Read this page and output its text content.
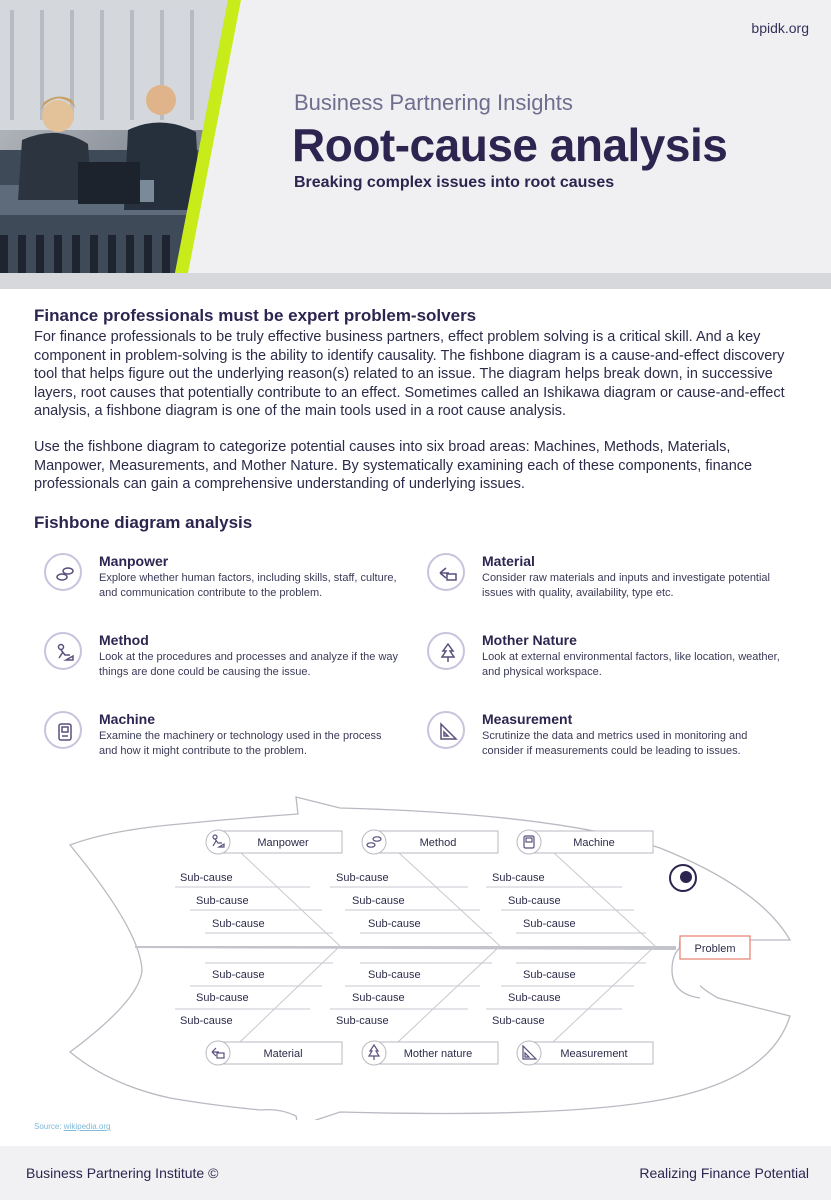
bpidk.org
Business Partnering Insights
Root-cause analysis
Breaking complex issues into root causes
Finance professionals must be expert problem-solvers
For finance professionals to be truly effective business partners, effect problem solving is a critical skill. And a key component in problem-solving is the ability to identify causality. The fishbone diagram is a cause-and-effect discovery tool that helps figure out the underlying reason(s) related to an issue. The diagram helps break down, in successive layers, root causes that potentially contribute to an effect. Sometimes called an Ishikawa diagram or cause-and-effect analysis, a fishbone diagram is one of the main tools used in a root cause analysis.
Use the fishbone diagram to categorize potential causes into six broad areas: Machines, Methods, Materials, Manpower, Measurements, and Mother Nature. By systematically examining each of these components, finance professionals can gain a comprehensive understanding of underlying issues.
Fishbone diagram analysis
Manpower
Explore whether human factors, including skills, staff, culture, and communication contribute to the problem.
Material
Consider raw materials and inputs and investigate potential issues with quality, availability, type etc.
Method
Look at the procedures and processes and analyze if the way things are done could be causing the issue.
Mother Nature
Look at external environmental factors, like location, weather, and physical workspace.
Machine
Examine the machinery or technology used in the process and how it might contribute to the problem.
Measurement
Scrutinize the data and metrics used in monitoring and consider if measurements could be leading to issues.
Sub-cause
Sub-cause
Sub-cause
Sub-cause
Sub-cause
Sub-cause
Sub-cause
Sub-cause
Sub-cause
Sub-cause
Sub-cause
Sub-cause
Sub-cause
Sub-cause
Sub-cause
Sub-cause
Sub-cause
Sub-cause
Manpower	Method	Machine
Material	Mother nature	Measurement
Problem
Source: wikipedia.org
Business Partnering Institute ©	Realizing Finance Potential
